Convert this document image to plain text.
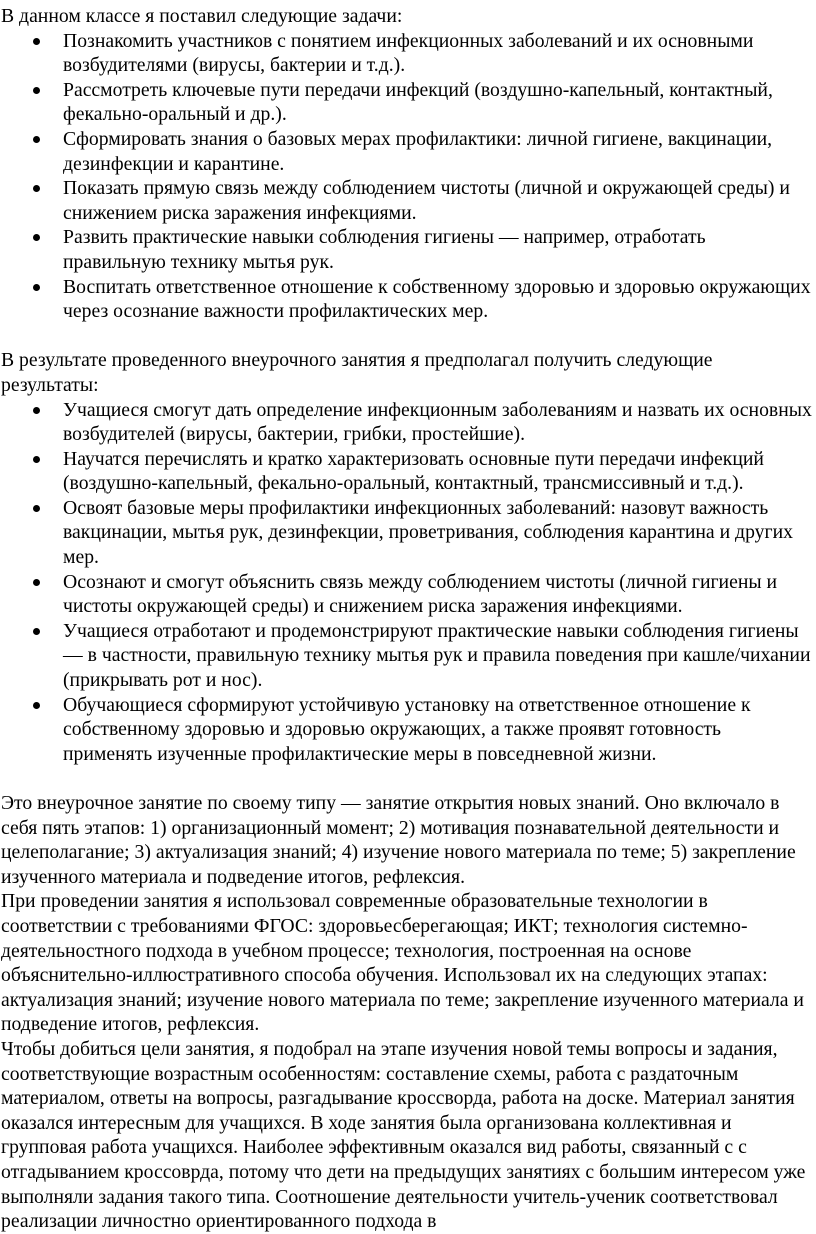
В данном классе я поставил следующие задачи:

Познакомить участников с понятием инфекционных заболеваний и их основными возбудителями (вирусы, бактерии и т.д.).
Рассмотреть ключевые пути передачи инфекций (воздушно-капельный, контактный, фекально-оральный и др.).
Сформировать знания о базовых мерах профилактики: личной гигиене, вакцинации, дезинфекции и карантине.
Показать прямую связь между соблюдением чистоты (личной и окружающей среды) и снижением риска заражения инфекциями.
Развить практические навыки соблюдения гигиены — например, отработать правильную технику мытья рук.
Воспитать ответственное отношение к собственному здоровью и здоровью окружающих через осознание важности профилактических мер.

В результате проведенного внеурочного занятия я предполагал получить следующие результаты:

Учащиеся смогут дать определение инфекционным заболеваниям и назвать их основных возбудителей (вирусы, бактерии, грибки, простейшие).
Научатся перечислять и кратко характеризовать основные пути передачи инфекций (воздушно-капельный, фекально-оральный, контактный, трансмиссивный и т.д.).
Освоят базовые меры профилактики инфекционных заболеваний: назовут важность вакцинации, мытья рук, дезинфекции, проветривания, соблюдения карантина и других мер.
Осознают и смогут объяснить связь между соблюдением чистоты (личной гигиены и чистоты окружающей среды) и снижением риска заражения инфекциями.
Учащиеся отработают и продемонстрируют практические навыки соблюдения гигиены — в частности, правильную технику мытья рук и правила поведения при кашле/чихании (прикрывать рот и нос).
Обучающиеся сформируют устойчивую установку на ответственное отношение к собственному здоровью и здоровью окружающих, а также проявят готовность применять изученные профилактические меры в повседневной жизни.

Это внеурочное занятие по своему типу — занятие открытия новых знаний. Оно включало в себя пять этапов: 1) организационный момент; 2) мотивация познавательной деятельности и целеполагание; 3) актуализация знаний; 4) изучение нового материала по теме; 5) закрепление изученного материала и подведение итогов, рефлексия.

При проведении занятия я использовал современные образовательные технологии в соответствии с требованиями ФГОС: здоровьесберегающая; ИКТ; технология системно-деятельностного подхода в учебном процессе; технология, построенная на основе объяснительно-иллюстративного способа обучения. Использовал их на следующих этапах: актуализация знаний; изучение нового материала по теме; закрепление изученного материала и подведение итогов, рефлексия.

Чтобы добиться цели занятия, я подобрал на этапе изучения новой темы вопросы и задания, соответствующие возрастным особенностям: составление схемы, работа с раздаточным материалом, ответы на вопросы, разгадывание кроссворда, работа на доске. Материал занятия оказался интересным для учащихся. В ходе занятия была организована коллективная и групповая работа учащихся. Наиболее эффективным оказался вид работы, связанный с с отгадыванием кроссоврда, потому что дети на предыдущих занятиях с большим интересом уже выполняли задания такого типа. Соотношение деятельности учитель-ученик соответствовал реализации личностно ориентированного подхода в
